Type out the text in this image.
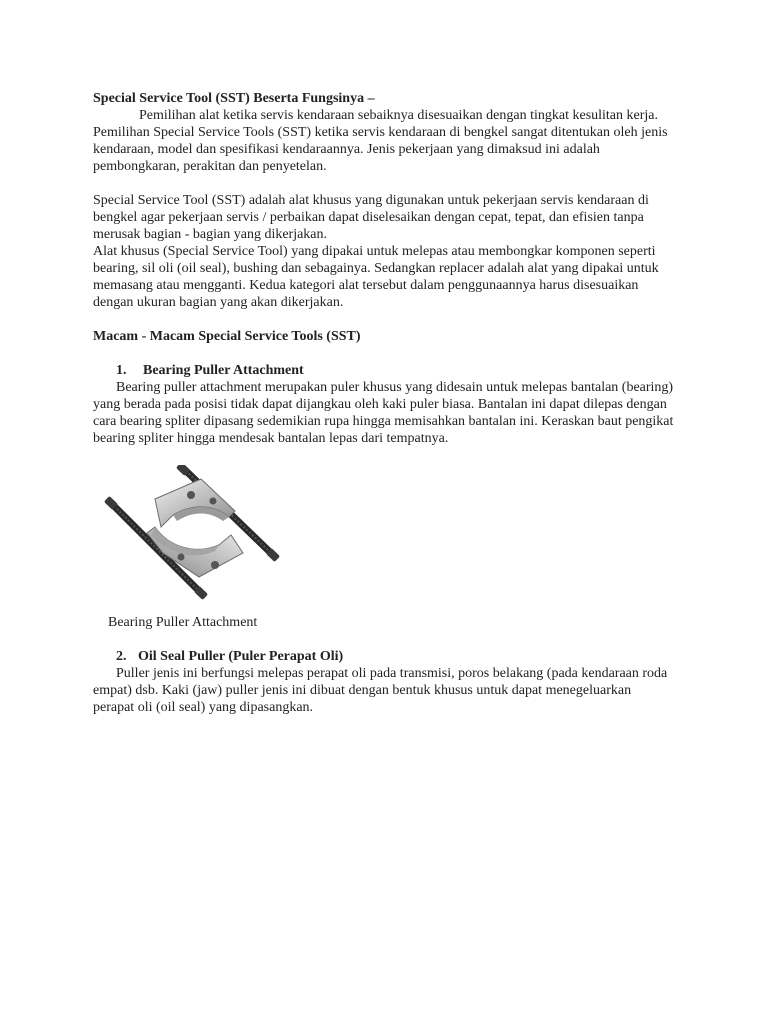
Special Service Tool (SST) Beserta Fungsinya –

Pemilihan alat ketika servis kendaraan sebaiknya disesuaikan dengan tingkat kesulitan kerja. Pemilihan Special Service Tools (SST) ketika servis kendaraan di bengkel sangat ditentukan oleh jenis kendaraan, model dan spesifikasi kendaraannya. Jenis pekerjaan yang dimaksud ini adalah pembongkaran, perakitan dan penyetelan.

Special Service Tool (SST) adalah alat khusus yang digunakan untuk pekerjaan servis kendaraan di bengkel agar pekerjaan servis / perbaikan dapat diselesaikan dengan cepat, tepat, dan efisien tanpa merusak bagian - bagian yang dikerjakan.

Alat khusus (Special Service Tool) yang dipakai untuk melepas atau membongkar komponen seperti bearing, sil oli (oil seal), bushing dan sebagainya. Sedangkan replacer adalah alat yang dipakai untuk memasang atau mengganti. Kedua kategori alat tersebut dalam penggunaannya harus disesuaikan dengan ukuran bagian yang akan dikerjakan.

Macam - Macam Special Service Tools (SST)

1. Bearing Puller Attachment

Bearing puller attachment merupakan puler khusus yang didesain untuk melepas bantalan (bearing) yang berada pada posisi tidak dapat dijangkau oleh kaki puler biasa. Bantalan ini dapat dilepas dengan cara bearing spliter dipasang sedemikian rupa hingga memisahkan bantalan ini. Keraskan baut pengikat bearing spliter hingga mendesak bantalan lepas dari tempatnya.

Bearing Puller Attachment

2. Oil Seal Puller (Puler Perapat Oli)

Puller jenis ini berfungsi melepas perapat oli pada transmisi, poros belakang (pada kendaraan roda empat) dsb. Kaki (jaw) puller jenis ini dibuat dengan bentuk khusus untuk dapat menegeluarkan perapat oli (oil seal) yang dipasangkan.
